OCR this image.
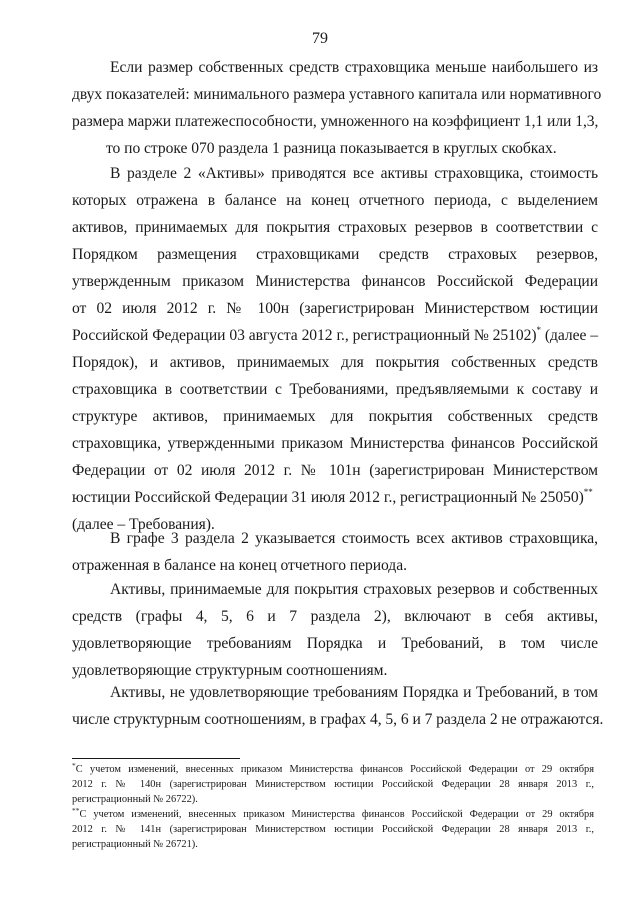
79
Если размер собственных средств страховщика меньше наибольшего из
двух показателей: минимального размера уставного капитала или нормативного
размера маржи платежеспособности, умноженного на коэффициент 1,1 или 1,3,
то по строке 070 раздела 1 разница показывается в круглых скобках.
В разделе 2 «Активы» приводятся все активы страховщика, стоимость
которых отражена в балансе на конец отчетного периода, с выделением
активов, принимаемых для покрытия страховых резервов в соответствии с
Порядком размещения страховщиками средств страховых резервов,
утвержденным приказом Министерства финансов Российской Федерации
от 02 июля 2012 г. № 100н (зарегистрирован Министерством юстиции
Российской Федерации 03 августа 2012 г., регистрационный № 25102)* (далее –
Порядок), и активов, принимаемых для покрытия собственных средств
страховщика в соответствии с Требованиями, предъявляемыми к составу и
структуре активов, принимаемых для покрытия собственных средств
страховщика, утвержденными приказом Министерства финансов Российской
Федерации от 02 июля 2012 г. № 101н (зарегистрирован Министерством
юстиции Российской Федерации 31 июля 2012 г., регистрационный № 25050)**
(далее – Требования).
В графе 3 раздела 2 указывается стоимость всех активов страховщика,
отраженная в балансе на конец отчетного периода.
Активы, принимаемые для покрытия страховых резервов и собственных
средств (графы 4, 5, 6 и 7 раздела 2), включают в себя активы,
удовлетворяющие требованиям Порядка и Требований, в том числе
удовлетворяющие структурным соотношениям.
Активы, не удовлетворяющие требованиям Порядка и Требований, в том
числе структурным соотношениям, в графах 4, 5, 6 и 7 раздела 2 не отражаются.
*С учетом изменений, внесенных приказом Министерства финансов Российской Федерации от 29 октября
2012 г. № 140н (зарегистрирован Министерством юстиции Российской Федерации 28 января 2013 г.,
регистрационный № 26722).
**С учетом изменений, внесенных приказом Министерства финансов Российской Федерации от 29 октября
2012 г. № 141н (зарегистрирован Министерством юстиции Российской Федерации 28 января 2013 г.,
регистрационный № 26721).
